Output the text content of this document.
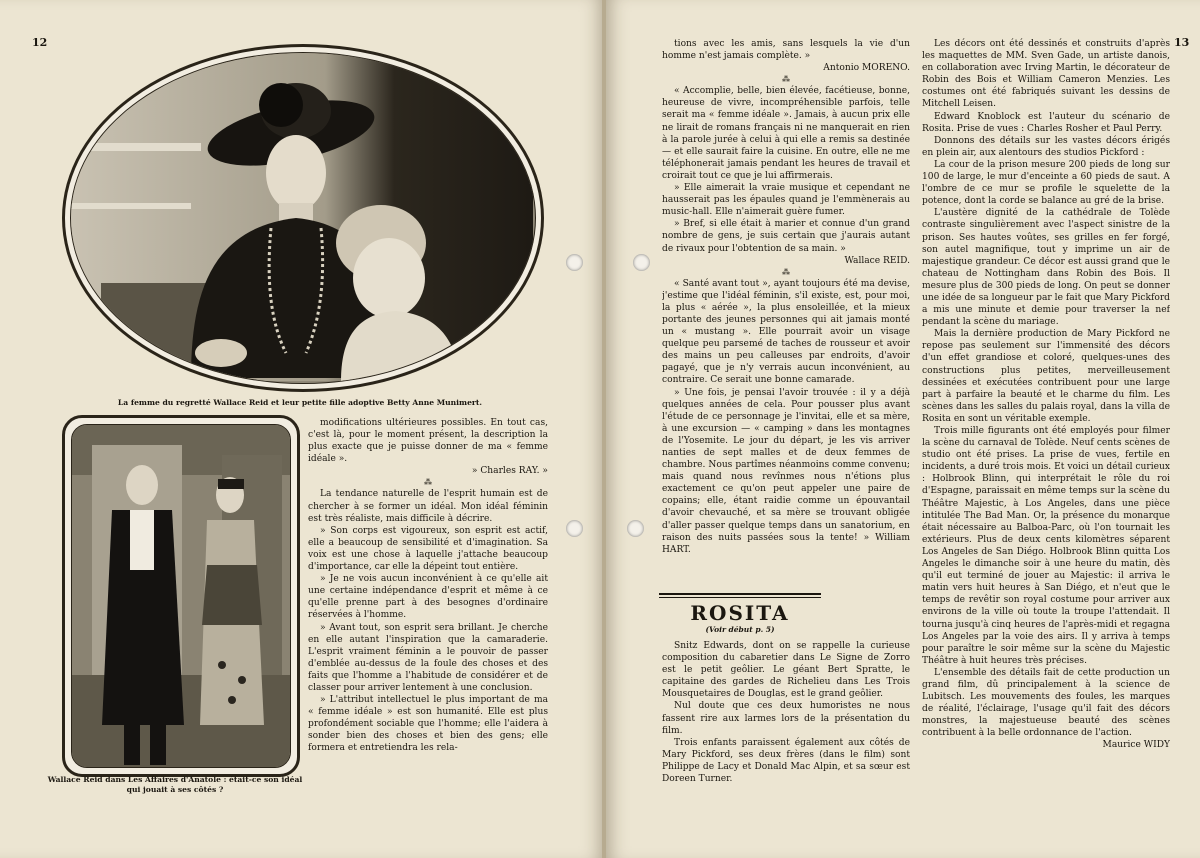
12
La femme du regretté Wallace Reid et leur petite fille adoptive Betty Anne Munimert.
Wallace Reid dans Les Affaires d'Anatole : était-ce son idéal qui jouait à ses côtés ?

modifications ultérieures possibles. En tout cas, c'est là, pour le moment présent, la description la plus exacte que je puisse donner de ma « femme idéale ».

» Charles RAY. »

⁂

La tendance naturelle de l'esprit humain est de chercher à se former un idéal. Mon idéal féminin est très réaliste, mais difficile à décrire.

» Son corps est vigoureux, son esprit est actif, elle a beaucoup de sensibilité et d'imagination. Sa voix est une chose à laquelle j'attache beaucoup d'importance, car elle la dépeint tout entière.

» Je ne vois aucun inconvénient à ce qu'elle ait une certaine indépendance d'esprit et même à ce qu'elle prenne part à des besognes d'ordinaire réservées à l'homme.

» Avant tout, son esprit sera brillant. Je cherche en elle autant l'inspiration que la camaraderie. L'esprit vraiment féminin a le pouvoir de passer d'emblée au-dessus de la foule des choses et des faits que l'homme a l'habitude de considérer et de classer pour arriver lentement à une conclusion.

» L'attribut intellectuel le plus important de ma « femme idéale » est son humanité. Elle est plus profondément sociable que l'homme; elle l'aidera à sonder bien des choses et bien des gens; elle formera et entretiendra les rela-

13

tions avec les amis, sans lesquels la vie d'un homme n'est jamais complète. »

Antonio MORENO.

⁂

« Accomplie, belle, bien élevée, facétieuse, bonne, heureuse de vivre, incompréhensible parfois, telle serait ma « femme idéale ». Jamais, à aucun prix elle ne lirait de romans français ni ne manquerait en rien à la parole jurée à celui à qui elle a remis sa destinée — et elle saurait faire la cuisine. En outre, elle ne me téléphonerait jamais pendant les heures de travail et croirait tout ce que je lui affirmerais.

» Elle aimerait la vraie musique et cependant ne hausserait pas les épaules quand je l'emmènerais au music-hall. Elle n'aimerait guère fumer.

» Bref, si elle était à marier et connue d'un grand nombre de gens, je suis certain que j'aurais autant de rivaux pour l'obtention de sa main. »

Wallace REID.

⁂

« Santé avant tout », ayant toujours été ma devise, j'estime que l'idéal féminin, s'il existe, est, pour moi, la plus « aérée », la plus ensoleillée, et la mieux portante des jeunes personnes qui ait jamais monté un « mustang ». Elle pourrait avoir un visage quelque peu parsemé de taches de rousseur et avoir des mains un peu calleuses par endroits, d'avoir pagayé, que je n'y verrais aucun inconvénient, au contraire. Ce serait une bonne camarade.

» Une fois, je pensai l'avoir trouvée : il y a déjà quelques années de cela. Pour pousser plus avant l'étude de ce personnage je l'invitai, elle et sa mère, à une excursion — « camping » dans les montagnes de l'Yosemite. Le jour du départ, je les vis arriver nanties de sept malles et de deux femmes de chambre. Nous partîmes néanmoins comme convenu; mais quand nous revînmes nous n'étions plus exactement ce qu'on peut appeler une paire de copains; elle, étant raidie comme un épouvantail d'avoir chevauché, et sa mère se trouvant obligée d'aller passer quelque temps dans un sanatorium, en raison des nuits passées sous la tente! » William HART.

Snitz Edwards, dont on se rappelle la curieuse composition du cabaretier dans Le Signe de Zorro est le petit geôlier. Le géant Bert Spratte, le capitaine des gardes de Richelieu dans Les Trois Mousquetaires de Douglas, est le grand geôlier.

Nul doute que ces deux humoristes ne nous fassent rire aux larmes lors de la présentation du film.

Trois enfants paraissent également aux côtés de Mary Pickford, ses deux frères (dans le film) sont Philippe de Lacy et Donald Mac Alpin, et sa sœur est Doreen Turner.

Les décors ont été dessinés et construits d'après les maquettes de MM. Sven Gade, un artiste danois, en collaboration avec Irving Martin, le décorateur de Robin des Bois et William Cameron Menzies. Les costumes ont été fabriqués suivant les dessins de Mitchell Leisen.

Edward Knoblock est l'auteur du scénario de Rosita. Prise de vues : Charles Rosher et Paul Perry.

Donnons des détails sur les vastes décors érigés en plein air, aux alentours des studios Pickford :

La cour de la prison mesure 200 pieds de long sur 100 de large, le mur d'enceinte a 60 pieds de saut. A l'ombre de ce mur se profile le squelette de la potence, dont la corde se balance au gré de la brise.

L'austère dignité de la cathédrale de Tolède contraste singulièrement avec l'aspect sinistre de la prison. Ses hautes voûtes, ses grilles en fer forgé, son autel magnifique, tout y imprime un air de majestique grandeur. Ce décor est aussi grand que le chateau de Nottingham dans Robin des Bois. Il mesure plus de 300 pieds de long. On peut se donner une idée de sa longueur par le fait que Mary Pickford a mis une minute et demie pour traverser la nef pendant la scène du mariage.

Mais la dernière production de Mary Pickford ne repose pas seulement sur l'immensité des décors d'un effet grandiose et coloré, quelques-unes des constructions plus petites, merveilleusement dessinées et exécutées contribuent pour une large part à parfaire la beauté et le charme du film. Les scènes dans les salles du palais royal, dans la villa de Rosita en sont un véritable exemple.

Trois mille figurants ont été employés pour filmer la scène du carnaval de Tolède. Neuf cents scènes de studio ont été prises. La prise de vues, fertile en incidents, a duré trois mois. Et voici un détail curieux : Holbrook Blinn, qui interprétait le rôle du roi d'Espagne, paraissait en même temps sur la scène du Théâtre Majestic, à Los Angeles, dans une pièce intitulée The Bad Man. Or, la présence du monarque était nécessaire au Balboa-Parc, où l'on tournait les extérieurs. Plus de deux cents kilomètres séparent Los Angeles de San Diégo. Holbrook Blinn quitta Los Angeles le dimanche soir à une heure du matin, dès qu'il eut terminé de jouer au Majestic: il arriva le matin vers huit heures à San Diégo, et n'eut que le temps de revêtir son royal costume pour arriver aux environs de la ville où toute la troupe l'attendait. Il tourna jusqu'à cinq heures de l'après-midi et regagna Los Angeles par la voie des airs. Il y arriva à temps pour paraître le soir même sur la scène du Majestic Théâtre à huit heures très précises.

L'ensemble des détails fait de cette production un grand film, dû principalement à la science de Lubitsch. Les mouvements des foules, les marques de réalité, l'éclairage, l'usage qu'il fait des décors monstres, la majestueuse beauté des scènes contribuent à la belle ordonnance de l'action.

Maurice WIDY

ROSITA
(Voir début p. 5)
